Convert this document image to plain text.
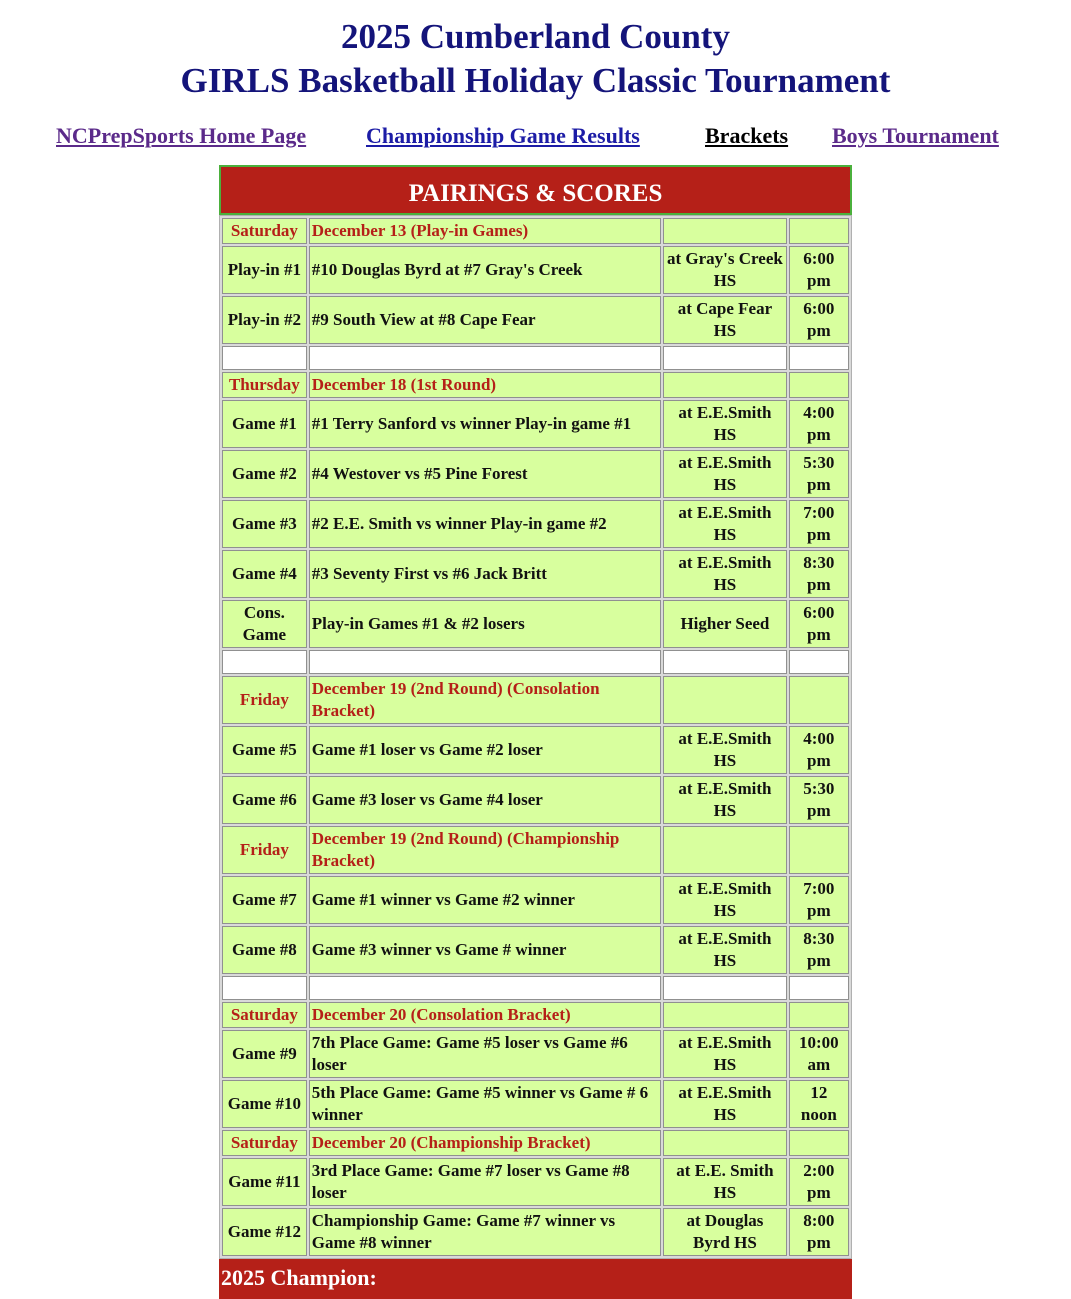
2025 Cumberland County
GIRLS Basketball Holiday Classic Tournament
NCPrepSports Home Page	Championship Game Results	Brackets Boys Tournament
PAIRINGS & SCORES
Saturday	December 13 (Play-in Games)		
Play-in #1	#10 Douglas Byrd at #7 Gray's Creek	at Gray's Creek HS	6:00 pm
Play-in #2	#9 South View at #8 Cape Fear	at Cape Fear HS	6:00 pm

Thursday	December 18 (1st Round)		
Game #1	#1 Terry Sanford vs winner Play-in game #1	at E.E.Smith HS	4:00 pm
Game #2	#4 Westover vs #5 Pine Forest	at E.E.Smith HS	5:30 pm
Game #3	#2 E.E. Smith vs winner Play-in game #2	at E.E.Smith HS	7:00 pm
Game #4	#3 Seventy First vs #6 Jack Britt	at E.E.Smith HS	8:30 pm
Cons. Game	Play-in Games #1 & #2 losers	Higher Seed	6:00 pm

Friday	December 19 (2nd Round) (Consolation Bracket)		
Game #5	Game #1 loser vs Game #2 loser	at E.E.Smith HS	4:00 pm
Game #6	Game #3 loser vs Game #4 loser	at E.E.Smith HS	5:30 pm
Friday	December 19 (2nd Round) (Championship Bracket)		
Game #7	Game #1 winner vs Game #2 winner	at E.E.Smith HS	7:00 pm
Game #8	Game #3 winner vs Game # winner	at E.E.Smith HS	8:30 pm

Saturday	December 20 (Consolation Bracket)		
Game #9	7th Place Game: Game #5 loser vs Game #6 loser	at E.E.Smith HS	10:00 am
Game #10	5th Place Game: Game #5 winner vs Game # 6 winner	at E.E.Smith HS	12 noon
Saturday	December 20 (Championship Bracket)		
Game #11	3rd Place Game: Game #7 loser vs Game #8 loser	at E.E. Smith HS	2:00 pm
Game #12	Championship Game: Game #7 winner vs Game #8 winner	at Douglas Byrd HS	8:00 pm
2025 Champion:
